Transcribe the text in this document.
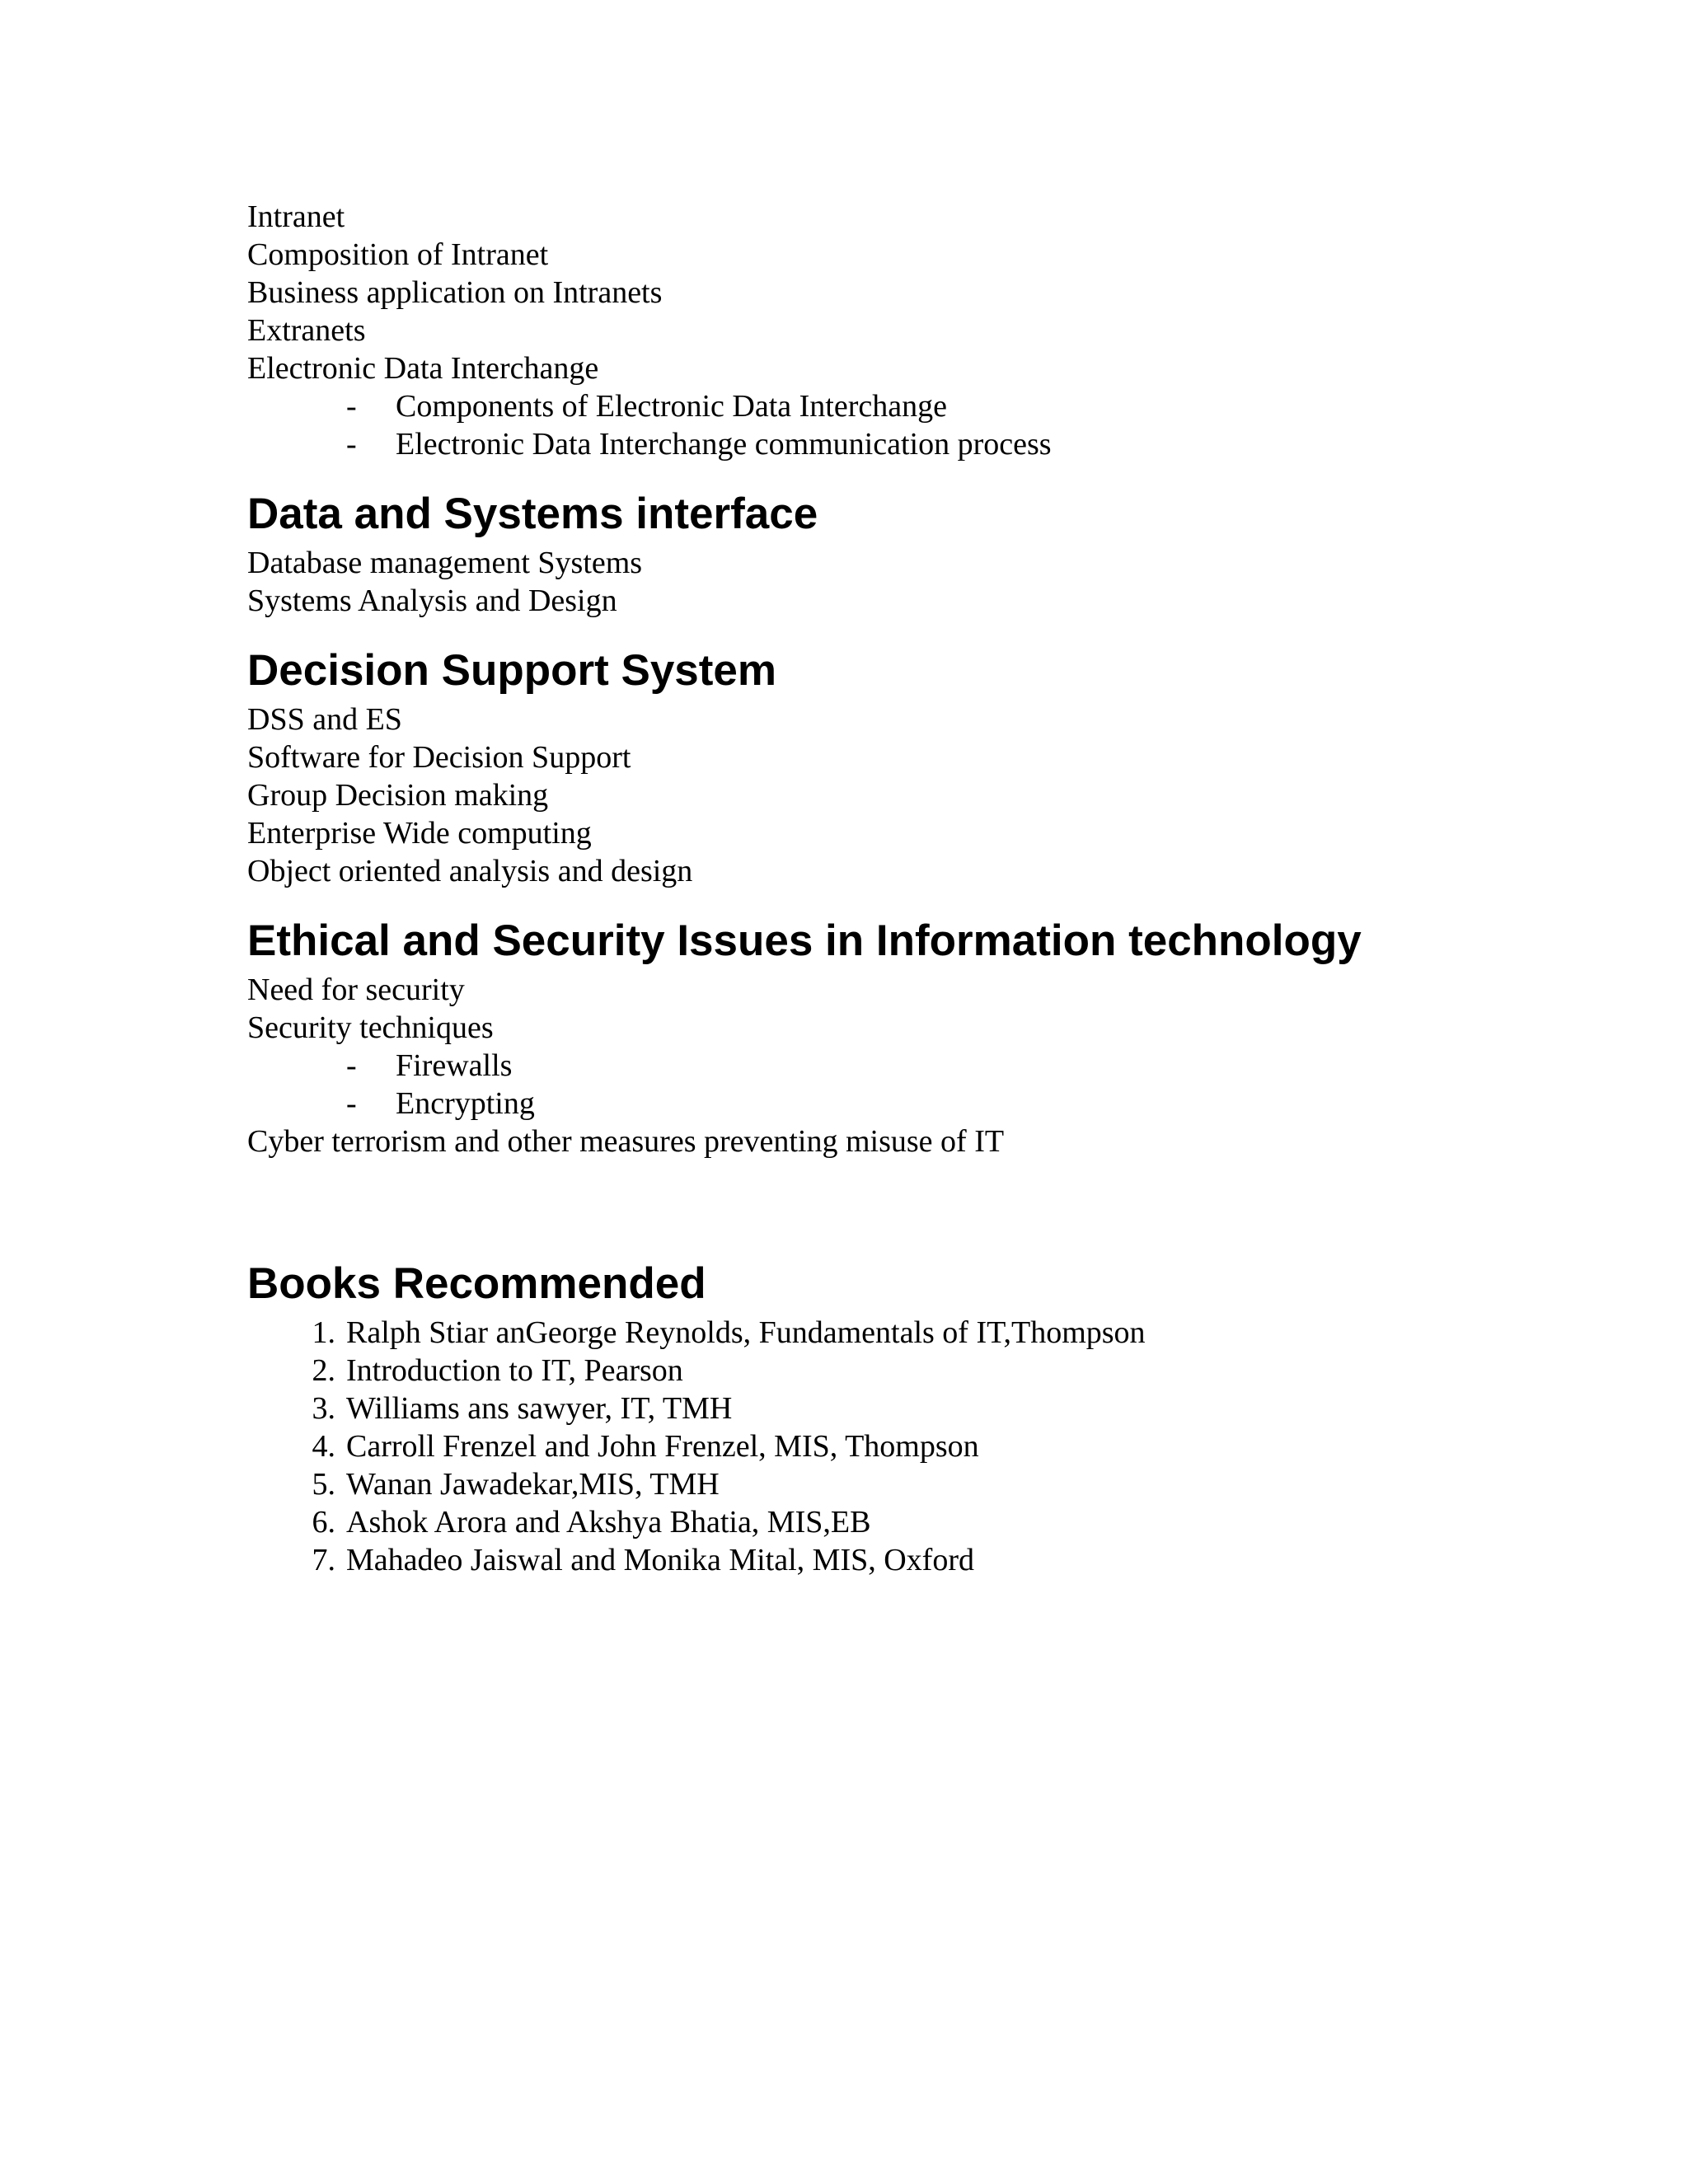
Intranet
Composition of Intranet
Business application on Intranets
Extranets
Electronic Data Interchange
- Components of Electronic Data Interchange
- Electronic Data Interchange communication process
Data and Systems interface
Database management Systems
Systems Analysis and Design
Decision Support System
DSS and ES
Software for Decision Support
Group Decision making
Enterprise Wide computing
Object oriented analysis and design
Ethical and Security Issues in Information technology
Need for security
Security techniques
- Firewalls
- Encrypting
Cyber terrorism and other measures preventing misuse of IT
Books Recommended
1. Ralph Stiar anGeorge Reynolds, Fundamentals of IT,Thompson
2. Introduction to IT, Pearson
3. Williams ans sawyer, IT, TMH
4. Carroll Frenzel and John Frenzel, MIS, Thompson
5. Wanan Jawadekar,MIS, TMH
6. Ashok Arora and Akshya Bhatia, MIS,EB
7. Mahadeo Jaiswal and Monika Mital, MIS, Oxford
